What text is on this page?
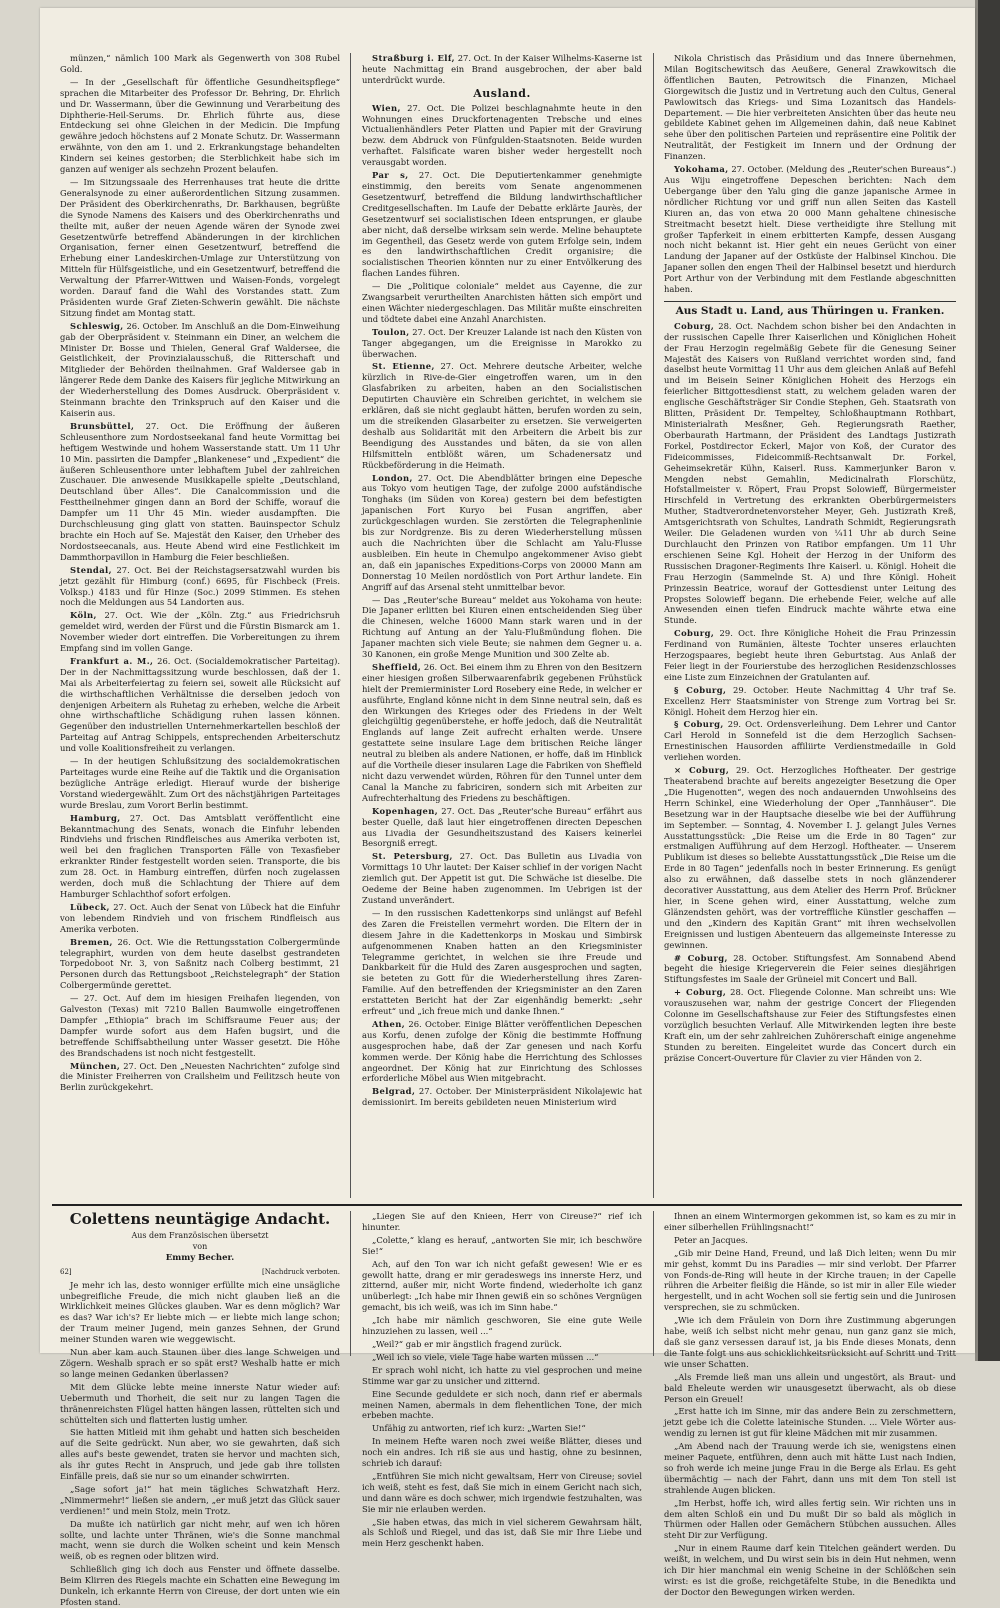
münzen,“ nämlich 100 Mark als Gegenwerth von 308 Rubel Gold.

— In der „Gesellschaft für öffentliche Gesundheitspflege“ sprachen die Mitarbeiter des Professor Dr. Behring, Dr. Ehrlich und Dr. Wassermann, über die Gewinnung und Verarbeitung des Diphtherie-Heil-Serums. Dr. Ehrlich führte aus, diese Entdeckung sei ohne Gleichen in der Medicin. Die Impfung gewähre jedoch höchstens auf 2 Monate Schutz. Dr. Wassermann erwähnte, von den am 1. und 2. Erkrankungstage behandelten Kindern sei keines gestorben; die Sterblichkeit habe sich im ganzen auf weniger als sechzehn Prozent belaufen.

— Im Sitzungssaale des Herrenhauses trat heute die dritte Generalsynode zu einer außerordentlichen Sitzung zusammen. Der Präsident des Oberkirchenraths, Dr. Barkhausen, begrüßte die Synode Namens des Kaisers und des Oberkirchenraths und theilte mit, außer der neuen Agende wären der Synode zwei Gesetzentwürfe betreffend Abänderungen in der kirchlichen Organisation, ferner einen Gesetzentwurf, betreffend die Erhebung einer Landeskirchen-Umlage zur Unterstützung von Mitteln für Hülfsgeistliche, und ein Gesetzentwurf, betreffend die Verwaltung der Pfarrer-Wittwen und Waisen-Fonds, vorgelegt worden. Darauf fand die Wahl des Vorstandes statt. Zum Präsidenten wurde Graf Zieten-Schwerin gewählt. Die nächste Sitzung findet am Montag statt.

Schleswig, 26. October. Im Anschluß an die Dom-Einweihung gab der Oberpräsident v. Steinmann ein Diner, an welchem die Minister Dr. Bosse und Thielen, General Graf Waldersee, die Geistlichkeit, der Provinzialausschuß, die Ritterschaft und Mitglieder der Behörden theilnahmen. Graf Waldersee gab in längerer Rede dem Danke des Kaisers für jegliche Mitwirkung an der Wiederherstellung des Domes Ausdruck. Oberpräsident v. Steinmann brachte den Trinkspruch auf den Kaiser und die Kaiserin aus.

Brunsbüttel, 27. Oct. Die Eröffnung der äußeren Schleusenthore zum Nordostseekanal fand heute Vormittag bei heftigem Westwinde und hohem Wasserstande statt. Um 11 Uhr 10 Min. passirten die Dampfer „Blankenese“ und „Expedient“ die äußeren Schleusenthore unter lebhaftem Jubel der zahlreichen Zuschauer. Die anwesende Musikkapelle spielte „Deutschland, Deutschland über Alles“. Die Canalcommission und die Festtheilnehmer gingen dann an Bord der Schiffe, worauf die Dampfer um 11 Uhr 45 Min. wieder ausdampften. Die Durchschleusung ging glatt von statten. Bauinspector Schulz brachte ein Hoch auf Se. Majestät den Kaiser, den Urheber des Nordostseecanals, aus. Heute Abend wird eine Festlichkeit im Dammthorpavillon in Hamburg die Feier beschließen.

Stendal, 27. Oct. Bei der Reichstagsersatzwahl wurden bis jetzt gezählt für Himburg (conf.) 6695, für Fischbeck (Freis. Volksp.) 4183 und für Hinze (Soc.) 2099 Stimmen. Es stehen noch die Meldungen aus 54 Landorten aus.

Köln, 27. Oct. Wie der „Köln. Ztg.“ aus Friedrichsruh gemeldet wird, werden der Fürst und die Fürstin Bismarck am 1. November wieder dort eintreffen. Die Vorbereitungen zu ihrem Empfang sind im vollen Gange.

Frankfurt a. M., 26. Oct. (Socialdemokratischer Parteitag). Der in der Nachmittagssitzung wurde beschlossen, daß der 1. Mai als Arbeiterfeiertag zu feiern sei, soweit alle Rücksicht auf die wirthschaftlichen Verhältnisse die derselben jedoch von denjenigen Arbeitern als Ruhetag zu erheben, welche die Arbeit ohne wirthschaftliche Schädigung ruhen lassen können. Gegenüber den industriellen Unternehmerkartellen beschloß der Parteitag auf Antrag Schippels, entsprechenden Arbeiterschutz und volle Koalitionsfreiheit zu verlangen.

— In der heutigen Schlußsitzung des socialdemokratischen Parteitages wurde eine Reihe auf die Taktik und die Organisation bezügliche Anträge erledigt. Hierauf wurde der bisherige Vorstand wiedergewählt. Zum Ort des nächstjährigen Parteitages wurde Breslau, zum Vorort Berlin bestimmt.

Hamburg, 27. Oct. Das Amtsblatt veröffentlicht eine Bekanntmachung des Senats, wonach die Einfuhr lebenden Rindviehs und frischen Rindfleisches aus Amerika verboten ist, weil bei den fraglichen Transporten Fälle von Texasfieber erkrankter Rinder festgestellt worden seien. Transporte, die bis zum 28. Oct. in Hamburg eintreffen, dürfen noch zugelassen werden, doch muß die Schlachtung der Thiere auf dem Hamburger Schlachthof sofort erfolgen.

Lübeck, 27. Oct. Auch der Senat von Lübeck hat die Einfuhr von lebendem Rindvieh und von frischem Rindfleisch aus Amerika verboten.

Bremen, 26. Oct. Wie die Rettungsstation Colbergermünde telegraphirt, wurden von dem heute daselbst gestrandeten Torpedoboot Nr. 3, von Saßnitz nach Colberg bestimmt, 21 Personen durch das Rettungsboot „Reichstelegraph“ der Station Colbergermünde gerettet.

— 27. Oct. Auf dem im hiesigen Freihafen liegenden, von Galveston (Texas) mit 7210 Ballen Baumwolle eingetroffenen Dampfer „Ethiopia“ brach im Schiffsraume Feuer aus; der Dampfer wurde sofort aus dem Hafen bugsirt, und die betreffende Schiffsabtheilung unter Wasser gesetzt. Die Höhe des Brandschadens ist noch nicht festgestellt.

München, 27. Oct. Den „Neuesten Nachrichten“ zufolge sind die Minister Freiherren von Crailsheim und Feilitzsch heute von Berlin zurückgekehrt.

Straßburg i. Elf, 27. Oct. In der Kaiser Wilhelms-Kaserne ist heute Nachmittag ein Brand ausgebrochen, der aber bald unterdrückt wurde.

Ausland.

Wien, 27. Oct. Die Polizei beschlagnahmte heute in den Wohnungen eines Druckfortenagenten Trebsche und eines Victualienhändlers Peter Platten und Papier mit der Gravirung bezw. dem Abdruck von Fünfgulden-Staatsnoten. Beide wurden verhaftet. Falsificate waren bisher weder hergestellt noch verausgabt worden.

Par s, 27. Oct. Die Deputiertenkammer genehmigte einstimmig, den bereits vom Senate angenommenen Gesetzentwurf, betreffend die Bildung landwirthschaftlicher Creditgesellschaften. Im Laufe der Debatte erklärte Jaurès, der Gesetzentwurf sei socialistischen Ideen entsprungen, er glaube aber nicht, daß derselbe wirksam sein werde. Meline behauptete im Gegentheil, das Gesetz werde von gutem Erfolge sein, indem es den landwirthschaftlichen Credit organisire; die socialistischen Theorien könnten nur zu einer Entvölkerung des flachen Landes führen.

— Die „Politique coloniale“ meldet aus Cayenne, die zur Zwangsarbeit verurtheilten Anarchisten hätten sich empört und einen Wächter niedergeschlagen. Das Militär mußte einschreiten und tödtete dabei eine Anzahl Anarchisten.

Toulon, 27. Oct. Der Kreuzer Lalande ist nach den Küsten von Tanger abgegangen, um die Ereignisse in Marokko zu überwachen.

St. Etienne, 27. Oct. Mehrere deutsche Arbeiter, welche kürzlich in Rive-de-Gier eingetroffen waren, um in den Glasfabriken zu arbeiten, haben an den Socialistischen Deputirten Chauvière ein Schreiben gerichtet, in welchem sie erklären, daß sie nicht geglaubt hätten, berufen worden zu sein, um die streikenden Glasarbeiter zu ersetzen. Sie verweigerten deshalb aus Solidarität mit den Arbeitern die Arbeit bis zur Beendigung des Ausstandes und bäten, da sie von allen Hilfsmitteln entblößt wären, um Schadenersatz und Rückbeförderung in die Heimath.

London, 27. Oct. Die Abendblätter bringen eine Depesche aus Tokyo vom heutigen Tage, der zufolge 2000 aufständische Tonghaks (im Süden von Korea) gestern bei dem befestigten japanischen Fort Kuryo bei Fusan angriffen, aber zurückgeschlagen wurden. Sie zerstörten die Telegraphenlinie bis zur Nordgrenze. Bis zu deren Wiederherstellung müssen auch die Nachrichten über die Schlacht am Yalu-Flusse ausbleiben. Ein heute in Chemulpo angekommener Aviso giebt an, daß ein japanisches Expeditions-Corps von 20000 Mann am Donnerstag 10 Meilen nordöstlich von Port Arthur landete. Ein Angriff auf das Arsenal steht unmittelbar bevor.

— Das „Reuter'sche Bureau“ meldet aus Yokohama von heute: Die Japaner erlitten bei Kiuren einen entscheidenden Sieg über die Chinesen, welche 16000 Mann stark waren und in der Richtung auf Antung an der Yalu-Flußmündung flohen. Die Japaner machten sich viele Beute; sie nahmen dem Gegner u. a. 30 Kanonen, ein große Menge Munition und 300 Zelte ab.

Sheffield, 26. Oct. Bei einem ihm zu Ehren von den Besitzern einer hiesigen großen Silberwaarenfabrik gegebenen Frühstück hielt der Premierminister Lord Rosebery eine Rede, in welcher er ausführte, England könne nicht in dem Sinne neutral sein, daß es den Wirkungen des Krieges oder des Friedens in der Welt gleichgültig gegenüberstehe, er hoffe jedoch, daß die Neutralität Englands auf lange Zeit aufrecht erhalten werde. Unsere gestattete seine insulare Lage dem britischen Reiche länger neutral zu bleiben als andere Nationen, er hoffe, daß im Hinblick auf die Vortheile dieser insularen Lage die Fabriken von Sheffield nicht dazu verwendet würden, Röhren für den Tunnel unter dem Canal la Manche zu fabriciren, sondern sich mit Arbeiten zur Aufrechterhaltung des Friedens zu beschäftigen.

Kopenhagen, 27. Oct. Das „Reuter'sche Bureau“ erfährt aus bester Quelle, daß laut hier eingetroffenen directen Depeschen aus Livadia der Gesundheitszustand des Kaisers keinerlei Besorgniß erregt.

St. Petersburg, 27. Oct. Das Bulletin aus Livadia von Vormittags 10 Uhr lautet: Der Kaiser schlief in der vorigen Nacht ziemlich gut. Der Appetit ist gut. Die Schwäche ist dieselbe. Die Oedeme der Beine haben zugenommen. Im Uebrigen ist der Zustand unverändert.

— In den russischen Kadettenkorps sind unlängst auf Befehl des Zaren die Freistellen vermehrt worden. Die Eltern der in diesem Jahre in die Kadettenkorps in Moskau und Simbirsk aufgenommenen Knaben hatten an den Kriegsminister Telegramme gerichtet, in welchen sie ihre Freude und Dankbarkeit für die Huld des Zaren ausgesprochen und sagten, sie beteten zu Gott für die Wiederherstellung ihres Zaren-Familie. Auf den betreffenden der Kriegsminister an den Zaren erstatteten Bericht hat der Zar eigenhändig bemerkt: „sehr erfreut“ und „ich freue mich und danke Ihnen.“

Athen, 26. October. Einige Blätter veröffentlichen Depeschen aus Korfu, denen zufolge der König die bestimmte Hoffnung ausgesprochen habe, daß der Zar genesen und nach Korfu kommen werde. Der König habe die Herrichtung des Schlosses angeordnet. Der König hat zur Einrichtung des Schlosses erforderliche Möbel aus Wien mitgebracht.

Belgrad, 27. October. Der Ministerpräsident Nikolajewic hat demissionirt. Im bereits gebildeten neuen Ministerium wird

Nikola Christisch das Präsidium und das Innere übernehmen, Milan Bogitschewitsch das Aeußere, General Zrawkowitsch die öffentlichen Bauten, Petrowitsch die Finanzen, Michael Giorgewitsch die Justiz und in Vertretung auch den Cultus, General Pawlowitsch das Kriegs- und Sima Lozanitsch das Handels-Departement. — Die hier verbreiteten Ansichten über das heute neu gebildete Kabinet gehen im Allgemeinen dahin, daß neue Kabinet sehe über den politischen Parteien und repräsentire eine Politik der Neutralität, der Festigkeit im Innern und der Ordnung der Finanzen.

Yokohama, 27. October. (Meldung des „Reuter'schen Bureaus“.) Aus Wiju eingetroffene Depeschen berichten: Nach dem Uebergange über den Yalu ging die ganze japanische Armee in nördlicher Richtung vor und griff nun allen Seiten das Kastell Kiuren an, das von etwa 20 000 Mann gehaltene chinesische Streitmacht besetzt hielt. Diese vertheidigte ihre Stellung mit großer Tapferkeit in einem erbitterten Kampfe, dessen Ausgang noch nicht bekannt ist. Hier geht ein neues Gerücht von einer Landung der Japaner auf der Ostküste der Halbinsel Kinchou. Die Japaner sollen den engen Theil der Halbinsel besetzt und hierdurch Port Arthur von der Verbindung mit dem Festlande abgeschnitten haben.

Aus Stadt u. Land, aus Thüringen u. Franken.

Coburg, 28. Oct. Nachdem schon bisher bei den Andachten in der russischen Capelle Ihrer Kaiserlichen und Königlichen Hoheit der Frau Herzogin regelmäßig Gebete für die Genesung Seiner Majestät des Kaisers von Rußland verrichtet worden sind, fand daselbst heute Vormittag 11 Uhr aus dem gleichen Anlaß auf Befehl und im Beisein Seiner Königlichen Hoheit des Herzogs ein feierlicher Bittgottesdienst statt, zu welchem geladen waren der englische Geschäftsträger Sir Condie Stephen, Geh. Staatsrath von Blitten, Präsident Dr. Tempeltey, Schloßhauptmann Rothbart, Ministerialrath Mesßner, Geh. Regierungsrath Raether, Oberbaurath Hartmann, der Präsident des Landtags Justizrath Forkel, Postdirector Eckerl, Major von Koß, der Curator des Fideicommisses, Fideicommiß-Rechtsanwalt Dr. Forkel, Geheimsekretär Kühn, Kaiserl. Russ. Kammerjunker Baron v. Mengden nebst Gemahlin, Medicinalrath Florschütz, Hofstallmeister v. Röpert, Frau Propst Solowieff, Bürgermeister Hirschfeld in Vertretung des erkrankten Oberbürgermeisters Muther, Stadtverordnetenvorsteher Meyer, Geh. Justizrath Kreß, Amtsgerichtsrath von Schultes, Landrath Schmidt, Regierungsrath Weiler. Die Geladenen wurden von ¼11 Uhr ab durch Seine Durchlaucht den Prinzen von Ratibor empfangen. Um 11 Uhr erschienen Seine Kgl. Hoheit der Herzog in der Uniform des Russischen Dragoner-Regiments Ihre Kaiserl. u. Königl. Hoheit die Frau Herzogin (Sammelnde St. A) und Ihre Königl. Hoheit Prinzessin Beatrice, worauf der Gottesdienst unter Leitung des Propstes Solowieff begann. Die erhebende Feier, welche auf alle Anwesenden einen tiefen Eindruck machte währte etwa eine Stunde.

Coburg, 29. Oct. Ihre Königliche Hoheit die Frau Prinzessin Ferdinand von Rumänien, älteste Tochter unseres erlauchten Herzogspaares, begiebt heute ihren Geburtstag. Aus Anlaß der Feier liegt in der Fourierstube des herzoglichen Residenzschlosses eine Liste zum Einzeichnen der Gratulanten auf.

§ Coburg, 29. October. Heute Nachmittag 4 Uhr traf Se. Excellenz Herr Staatsminister von Strenge zum Vortrag bei Sr. Königl. Hoheit dem Herzog hier ein.

§ Coburg, 29. Oct. Ordensverleihung. Dem Lehrer und Cantor Carl Herold in Sonnefeld ist die dem Herzoglich Sachsen-Ernestinischen Hausorden affiliirte Verdienstmedaille in Gold verliehen worden.

× Coburg, 29. Oct. Herzogliches Hoftheater. Der gestrige Theaterabend brachte auf bereits angezeigter Besetzung die Oper „Die Hugenotten“, wegen des noch andauernden Unwohlseins des Herrn Schinkel, eine Wiederholung der Oper „Tannhäuser“. Die Besetzung war in der Hauptsache dieselbe wie bei der Aufführung im September. — Sonntag, 4. November I. J. gelangt Jules Vernes Ausstattungsstück: „Die Reise um die Erde in 80 Tagen“ zur erstmaligen Aufführung auf dem Herzogl. Hoftheater. — Unserem Publikum ist dieses so beliebte Ausstattungsstück „Die Reise um die Erde in 80 Tagen“ jedenfalls noch in bester Erinnerung. Es genügt also zu erwähnen, daß dasselbe stets in noch glänzenderer decorativer Ausstattung, aus dem Atelier des Herrn Prof. Brückner hier, in Scene gehen wird, einer Ausstattung, welche zum Glänzendsten gehört, was der vortreffliche Künstler geschaffen — und den „Kindern des Kapitän Grant“ mit ihren wechselvollen Ereignissen und lustigen Abenteuern das allgemeinste Interesse zu gewinnen.

# Coburg, 28. October. Stiftungsfest. Am Sonnabend Abend begeht die hiesige Kriegerverein die Feier seines diesjährigen Stiftungsfestes im Saale der Grüneiel mit Concert und Ball.

+ Coburg, 28. Oct. Fliegende Colonne. Man schreibt uns: Wie vorauszusehen war, nahm der gestrige Concert der Fliegenden Colonne im Gesellschaftshause zur Feier des Stiftungsfestes einen vorzüglich besuchten Verlauf. Alle Mitwirkenden legten ihre beste Kraft ein, um der sehr zahlreichen Zuhörerschaft einige angenehme Stunden zu bereiten. Eingeleitet wurde das Concert durch ein präzise Concert-Ouverture für Clavier zu vier Händen von 2.

Colettens neuntägige Andacht.

Aus dem Französischen übersetzt

von

Emmy Becher.

62]	[Nachdruck verboten.

Je mehr ich las, desto wonniger erfüllte mich eine unsägliche unbegreifliche Freude, die mich nicht glauben ließ an die Wirklichkeit meines Glückes glauben. War es denn möglich? War es das? War ich's? Er liebte mich — er liebte mich lange schon; der Traum meiner Jugend, mein ganzes Sehnen, der Grund meiner Stunden waren wie weggewischt.

Nun aber kam auch Staunen über dies lange Schweigen und Zögern. Weshalb sprach er so spät erst? Weshalb hatte er mich so lange meinen Gedanken überlassen?

Mit dem Glücke lebte meine innerste Natur wieder auf: Uebermuth und Thorheit, die seit nur zu langen Tagen die thränenreichsten Flügel hatten hängen lassen, rüttelten sich und schüttelten sich und flatterten lustig umher.

Sie hatten Mitleid mit ihm gehabt und hatten sich bescheiden auf die Seite gedrückt. Nun aber, wo sie gewahrten, daß sich alles auf's beste gewendet, traten sie hervor und machten sich, als ihr gutes Recht in Anspruch, und jede gab ihre tollsten Einfälle preis, daß sie nur so um einander schwirrten.

„Sage sofort ja!“ hat mein tägliches Schwatzhaft Herz. „Nimmermehr!“ ließen sie andern, „er muß jetzt das Glück sauer verdienen!“ und mein Stolz, mein Trotz.

Da mußte ich natürlich gar nicht mehr, auf wen ich hören sollte, und lachte unter Thränen, wie's die Sonne manchmal macht, wenn sie durch die Wolken scheint und kein Mensch weiß, ob es regnen oder blitzen wird.

Schließlich ging ich doch aus Fenster und öffnete dasselbe. Beim Klirren des Riegels machte ein Schatten eine Bewegung im Dunkeln, ich erkannte Herrn von Cireuse, der dort unten wie ein Pfosten stand.

„Liegen Sie auf den Knieen, Herr von Cireuse?“ rief ich hinunter.

„Colette,“ klang es herauf, „antworten Sie mir, ich beschwöre Sie!“

Ach, auf den Ton war ich nicht gefaßt gewesen! Wie er es gewollt hatte, drang er mir geradeswegs ins innerste Herz, und zitternd, außer mir, nicht Worte findend, wiederholte ich ganz unüberlegt: „Ich habe mir Ihnen gewiß ein so schönes Vergnügen gemacht, bis ich weiß, was ich im Sinn habe.“

„Ich habe mir nämlich geschworen, Sie eine gute Weile hinzuziehen zu lassen, weil ...“

„Weil?“ gab er mir ängstlich fragend zurück.

„Weil ich so viele, viele Tage habe warten müssen ...“

Er sprach wohl nicht, ich hatte zu viel gesprochen und meine Stimme war gar zu unsicher und zitternd.

Eine Secunde geduldete er sich noch, dann rief er abermals meinen Namen, abermals in dem flehentlichen Tone, der mich erbeben machte.

Unfähig zu antworten, rief ich kurz: „Warten Sie!“

In meinem Hefte waren noch zwei weiße Blätter, dieses und noch ein andres. Ich riß sie aus und hastig, ohne zu besinnen, schrieb ich darauf:

„Entführen Sie mich nicht gewaltsam, Herr von Cireuse; soviel ich weiß, steht es fest, daß Sie mich in einem Gericht nach sich, und dann wäre es doch schwer, mich irgendwie festzuhalten, was Sie mir nie erlauben werden.

„Sie haben etwas, das mich in viel sicherem Gewahrsam hält, als Schloß und Riegel, und das ist, daß Sie mir Ihre Liebe und mein Herz geschenkt haben.

Ihnen an einem Wintermorgen gekommen ist, so kam es zu mir in einer silberhellen Frühlingsnacht!“

Peter an Jacques.

„Gib mir Deine Hand, Freund, und laß Dich leiten; wenn Du mir mir gehst, kommt Du ins Paradies — mir sind verlobt. Der Pfarrer von Fonds-de-Ring will heute in der Kirche trauen; in der Capelle rühren die Arbeiter fleißig die Hände, so ist mir in aller Eile wieder hergestellt, und in acht Wochen soll sie fertig sein und die Junirosen versprechen, sie zu schmücken.

„Wie ich dem Fräulein von Dorn ihre Zustimmung abgerungen habe, weiß ich selbst nicht mehr genau, nun ganz ganz sie mich, daß sie ganz versessen darauf ist, ja bis Ende dieses Monats, denn die Tante folgt uns aus schicklichkeitsrücksicht auf Schritt und Tritt wie unser Schatten.

„Als Fremde ließ man uns allein und ungestört, als Braut- und bald Eheleute werden wir unausgesetzt überwacht, als ob diese Person ein Greuel!

„Erst hatte ich im Sinne, mir das andere Bein zu zerschmettern, jetzt gebe ich die Colette lateinische Stunden. ... Viele Wörter aus-wendig zu lernen ist gut für kleine Mädchen mit mir zusammen.

„Am Abend nach der Trauung werde ich sie, wenigstens einen meiner Paquete, entführen, denn auch mit hätte Lust nach Indien, so froh werde ich meine junge Frau in die Berge als Erlau. Es geht übermächtig — nach der Fahrt, dann uns mit dem Ton stell ist strahlende Augen blicken.

„Im Herbst, hoffe ich, wird alles fertig sein. Wir richten uns in dem alten Schloß ein und Du mußt Dir so bald als möglich in Thürmen oder Hallen oder Gemächern Stübchen aussuchen. Alles steht Dir zur Verfügung.

„Nur in einem Raume darf kein Titelchen geändert werden. Du weißt, in welchem, und Du wirst sein bis in dein Hut nehmen, wenn ich Dir hier manchmal ein wenig Scheine in der Schlößchen sein wirst: es ist die große, reichgetäfelte Stube, in die Benedikta und der Doctor den Bewegungen wirken werden.
